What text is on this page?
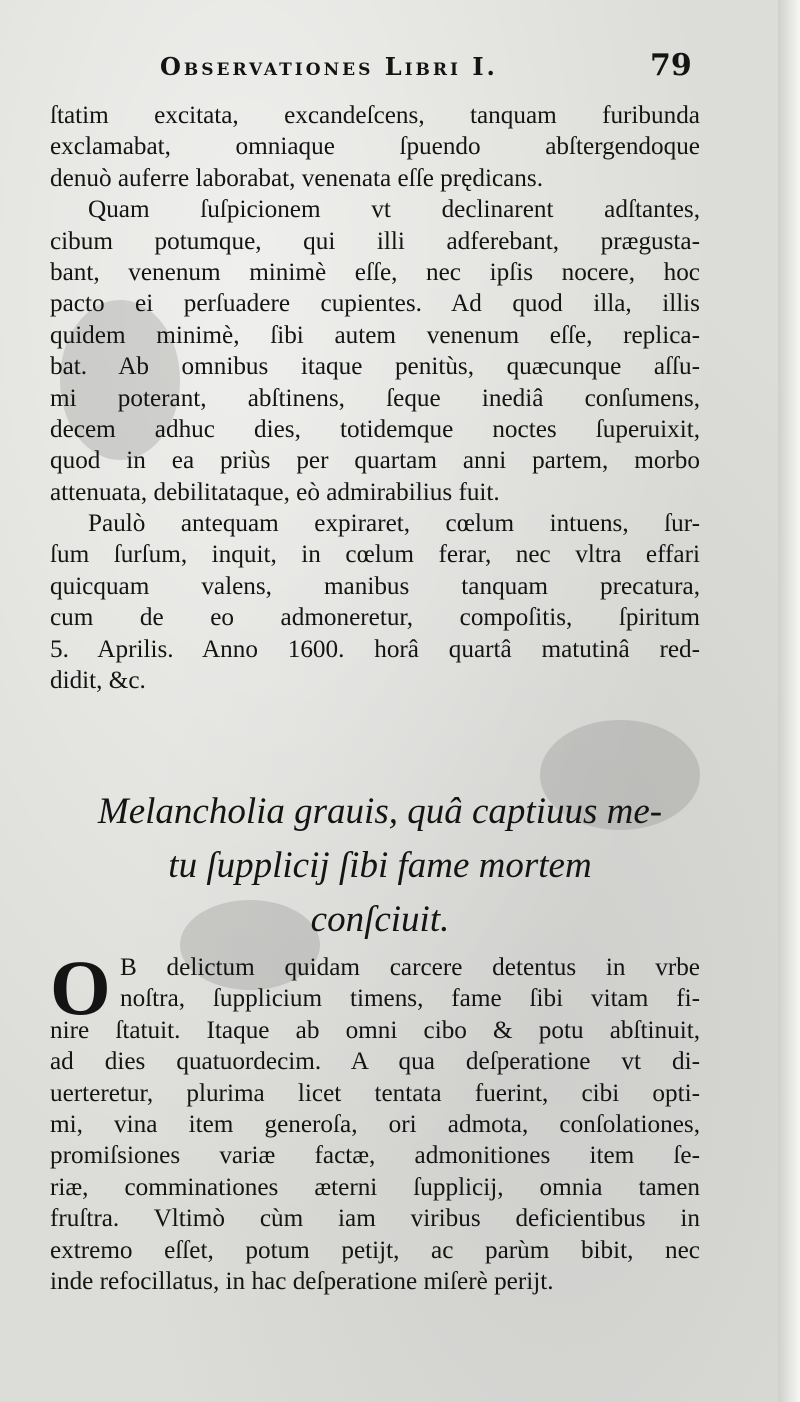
Observationes Libri I.	79
ſtatim excitata, excandeſcens, tanquam furibunda
exclamabat, omniaque ſpuendo abſtergendoque
denuò auferre laborabat, venenata eſſe prędicans.
Quam ſuſpicionem vt declinarent adſtantes,
cibum potumque, qui illi adferebant, prægusta-
bant, venenum minimè eſſe, nec ipſis nocere, hoc
pacto ei perſuadere cupientes. Ad quod illa, illis
quidem minimè, ſibi autem venenum eſſe, replica-
bat. Ab omnibus itaque penitùs, quæcunque aſſu-
mi poterant, abſtinens, ſeque inediâ conſumens,
decem adhuc dies, totidemque noctes ſuperuixit,
quod in ea priùs per quartam anni partem, morbo
attenuata, debilitataque, eò admirabilius fuit.
Paulò antequam expiraret, cœlum intuens, ſur-
ſum ſurſum, inquit, in cœlum ferar, nec vltra effari
quicquam valens, manibus tanquam precatura,
cum de eo admoneretur, compoſitis, ſpiritum
5. Aprilis. Anno 1600. horâ quartâ matutinâ red-
didit, &c.
Melancholia grauis, quâ captiuus me-
tu ſupplicij ſibi fame mortem
conſciuit.
O B delictum quidam carcere detentus in vrbe
noſtra, ſupplicium timens, fame ſibi vitam fi-
nire ſtatuit. Itaque ab omni cibo & potu abſtinuit,
ad dies quatuordecim. A qua deſperatione vt di-
uerteretur, plurima licet tentata fuerint, cibi opti-
mi, vina item generoſa, ori admota, conſolationes,
promiſsiones variæ factæ, admonitiones item ſe-
riæ, comminationes æterni ſupplicij, omnia tamen
fruſtra. Vltimò cùm iam viribus deficientibus in
extremo eſſet, potum petijt, ac parùm bibit, nec
inde refocillatus, in hac deſperatione miſerè perijt.
